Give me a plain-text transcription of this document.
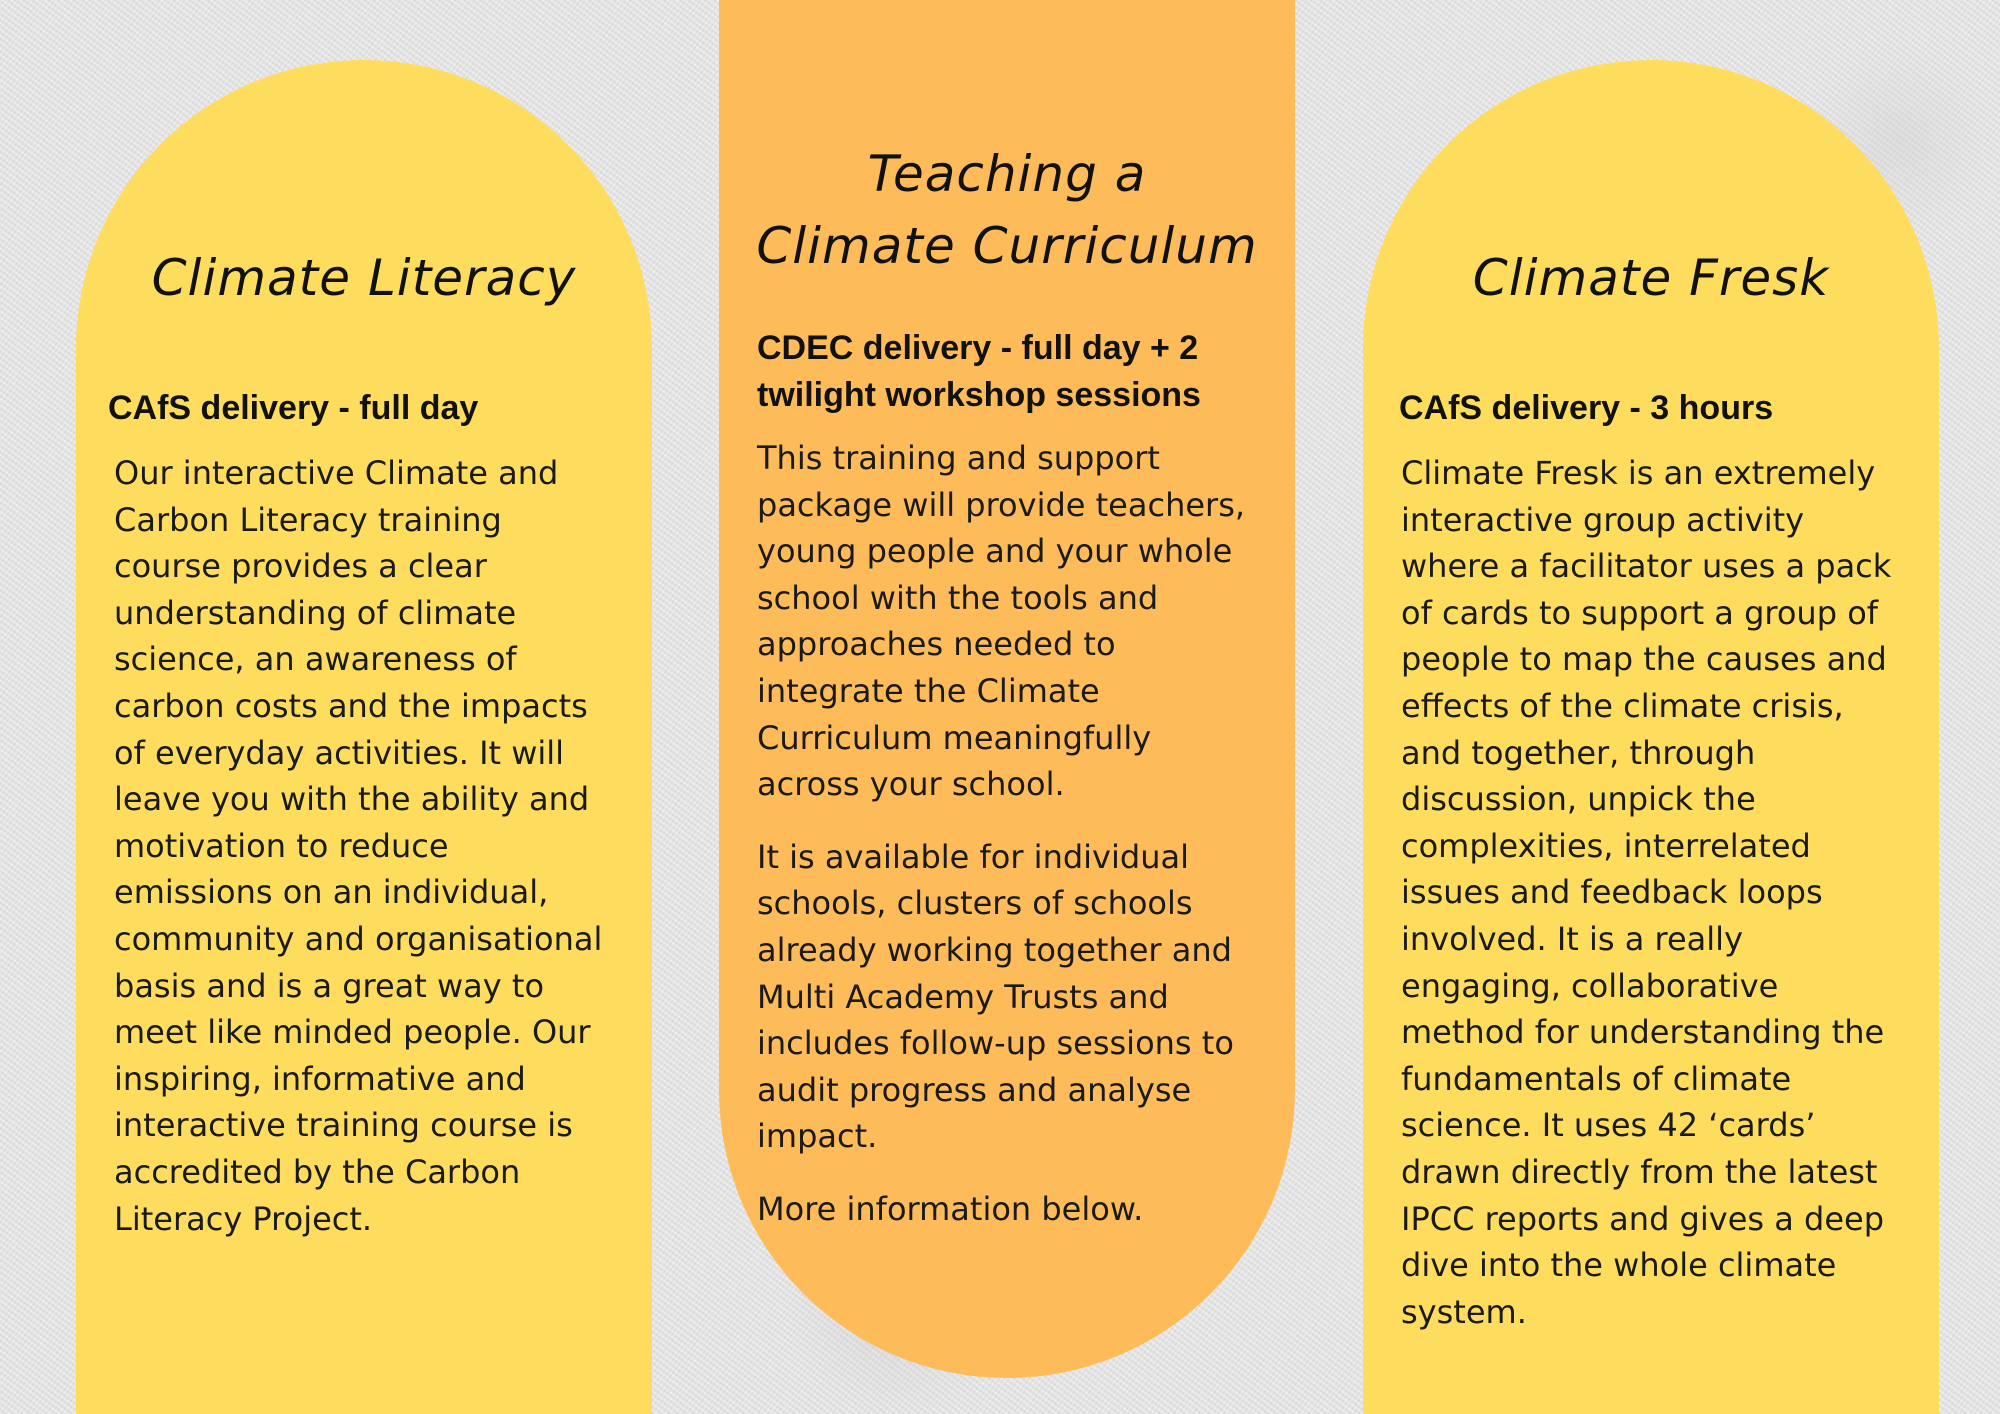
Climate Literacy
CAfS delivery - full day

Our interactive Climate and Carbon Literacy training course provides a clear understanding of climate science, an awareness of carbon costs and the impacts of everyday activities. It will leave you with the ability and motivation to reduce emissions on an individual, community and organisational basis and is a great way to meet like minded people. Our inspiring, informative and interactive training course is accredited by the Carbon Literacy Project.

Teaching a
Climate Curriculum
CDEC delivery - full day + 2 twilight workshop sessions

This training and support package will provide teachers, young people and your whole school with the tools and approaches needed to integrate the Climate Curriculum meaningfully across your school.

It is available for individual schools, clusters of schools already working together and Multi Academy Trusts and includes follow-up sessions to audit progress and analyse impact.

More information below.

Climate Fresk
CAfS delivery - 3 hours

Climate Fresk is an extremely interactive group activity where a facilitator uses a pack of cards to support a group of people to map the causes and effects of the climate crisis, and together, through discussion, unpick the complexities, interrelated issues and feedback loops involved. It is a really engaging, collaborative method for understanding the fundamentals of climate science. It uses 42 ‘cards’ drawn directly from the latest IPCC reports and gives a deep dive into the whole climate system.
